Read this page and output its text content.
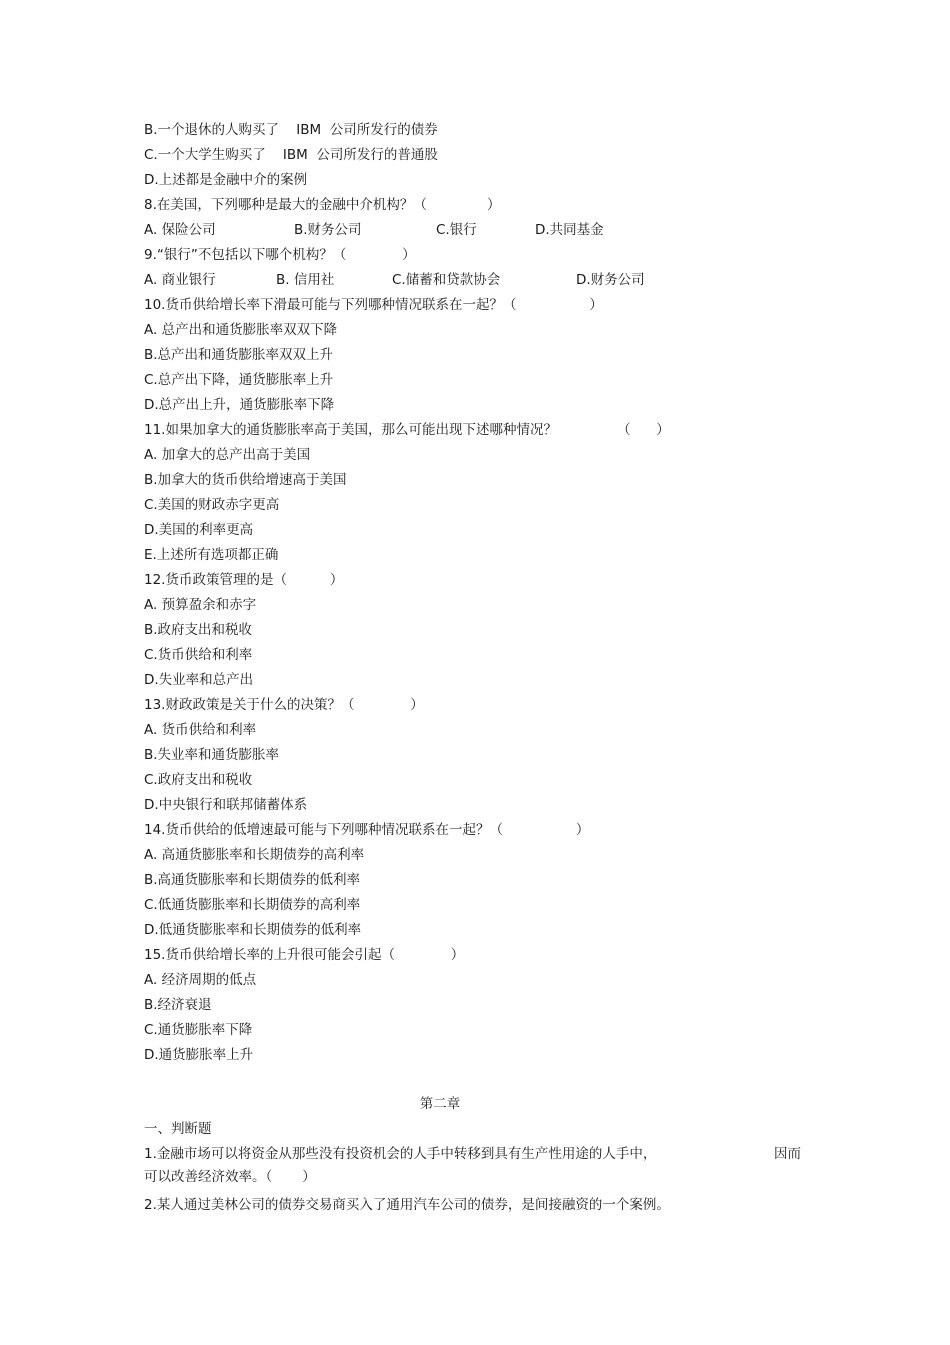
B.一个退休的人购买了    IBM  公司所发行的债券
C.一个大学生购买了    IBM  公司所发行的普通股
D.上述都是金融中介的案例
8.在美国，下列哪种是最大的金融中介机构？（              ）

A. 保险公司

	B.财务公司

	C.银行

	D.共同基金

9.“银行”不包括以下哪个机构？（             ）

A. 商业银行

	B. 信用社

	C.储蓄和贷款协会

	D.财务公司

10.货币供给增长率下滑最可能与下列哪种情况联系在一起？（                 ）
A. 总产出和通货膨胀率双双下降
B.总产出和通货膨胀率双双上升
C.总产出下降，通货膨胀率上升
D.总产出上升，通货膨胀率下降
11.如果加拿大的通货膨胀率高于美国，那么可能出现下述哪种情况？              （      ）
A. 加拿大的总产出高于美国
B.加拿大的货币供给增速高于美国
C.美国的财政赤字更高
D.美国的利率更高
E.上述所有选项都正确
12.货币政策管理的是（          ）
A. 预算盈余和赤字
B.政府支出和税收
C.货币供给和利率
D.失业率和总产出
13.财政政策是关于什么的决策？（             ）
A. 货币供给和利率
B.失业率和通货膨胀率
C.政府支出和税收
D.中央银行和联邦储蓄体系
14.货币供给的低增速最可能与下列哪种情况联系在一起？（                 ）
A. 高通货膨胀率和长期债券的高利率
B.高通货膨胀率和长期债券的低利率
C.低通货膨胀率和长期债券的高利率
D.低通货膨胀率和长期债券的低利率
15.货币供给增长率的上升很可能会引起（             ）
A. 经济周期的低点
B.经济衰退
C.通货膨胀率下降
D.通货膨胀率上升
第二章
一、判断题

1.金融市场可以将资金从那些没有投资机会的人手中转移到具有生产性用途的人手中，

	因而

可以改善经济效率。（       ）
2.某人通过美林公司的债券交易商买入了通用汽车公司的债券，是间接融资的一个案例。
